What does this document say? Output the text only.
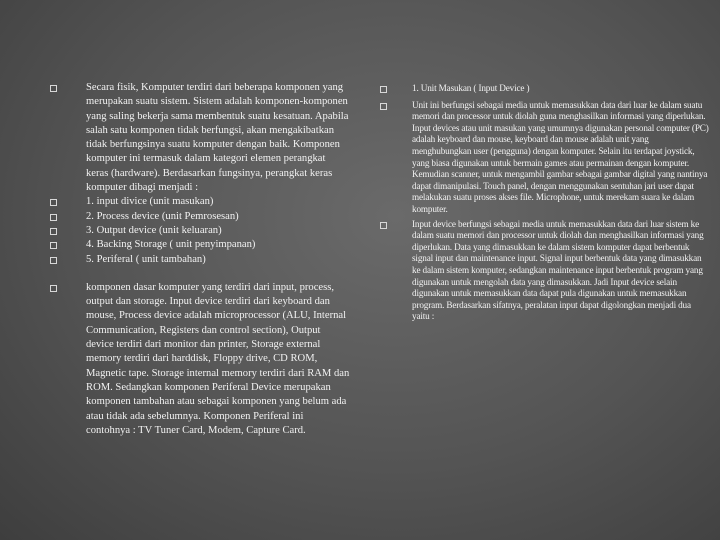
Secara fisik, Komputer terdiri dari beberapa komponen yang merupakan suatu sistem. Sistem adalah komponen-komponen yang saling bekerja sama membentuk suatu kesatuan. Apabila salah satu komponen tidak berfungsi, akan mengakibatkan tidak berfungsinya suatu komputer dengan baik. Komponen komputer ini termasuk dalam kategori elemen perangkat keras (hardware). Berdasarkan fungsinya, perangkat keras komputer dibagi menjadi :
1. input divice (unit masukan)
2. Process device (unit Pemrosesan)
3. Output device (unit keluaran)
4. Backing Storage ( unit penyimpanan)
5. Periferal ( unit tambahan)
komponen dasar komputer yang terdiri dari input, process, output dan storage. Input device terdiri dari keyboard dan mouse, Process device adalah microprocessor (ALU, Internal Communication, Registers dan control section), Output device terdiri dari monitor dan printer, Storage external memory terdiri dari harddisk, Floppy drive, CD ROM, Magnetic tape. Storage internal memory terdiri dari RAM dan ROM. Sedangkan komponen Periferal Device merupakan komponen tambahan atau sebagai komponen yang belum ada atau tidak ada sebelumnya. Komponen Periferal ini contohnya : TV Tuner Card, Modem, Capture Card.
1. Unit Masukan ( Input Device )
Unit ini berfungsi sebagai media untuk memasukkan data dari luar ke dalam suatu memori dan processor untuk diolah guna menghasilkan informasi yang diperlukan. Input devices atau unit masukan yang umumnya digunakan personal computer (PC) adalah keyboard dan mouse, keyboard dan mouse adalah unit yang menghubungkan user (pengguna) dengan komputer. Selain itu terdapat joystick, yang biasa digunakan untuk bermain games atau permainan dengan komputer. Kemudian scanner, untuk mengambil gambar sebagai gambar digital yang nantinya dapat dimanipulasi. Touch panel, dengan menggunakan sentuhan jari user dapat melakukan suatu proses akses file. Microphone, untuk merekam suara ke dalam komputer.
Input device berfungsi sebagai media untuk memasukkan data dari luar sistem ke dalam suatu memori dan processor untuk diolah dan menghasilkan informasi yang diperlukan. Data yang dimasukkan ke dalam sistem komputer dapat berbentuk signal input dan maintenance input. Signal input berbentuk data yang dimasukkan ke dalam sistem komputer, sedangkan maintenance input berbentuk program yang digunakan untuk mengolah data yang dimasukkan. Jadi Input device selain digunakan untuk memasukkan data dapat pula digunakan untuk memasukkan program. Berdasarkan sifatnya, peralatan input dapat digolongkan menjadi dua yaitu :
